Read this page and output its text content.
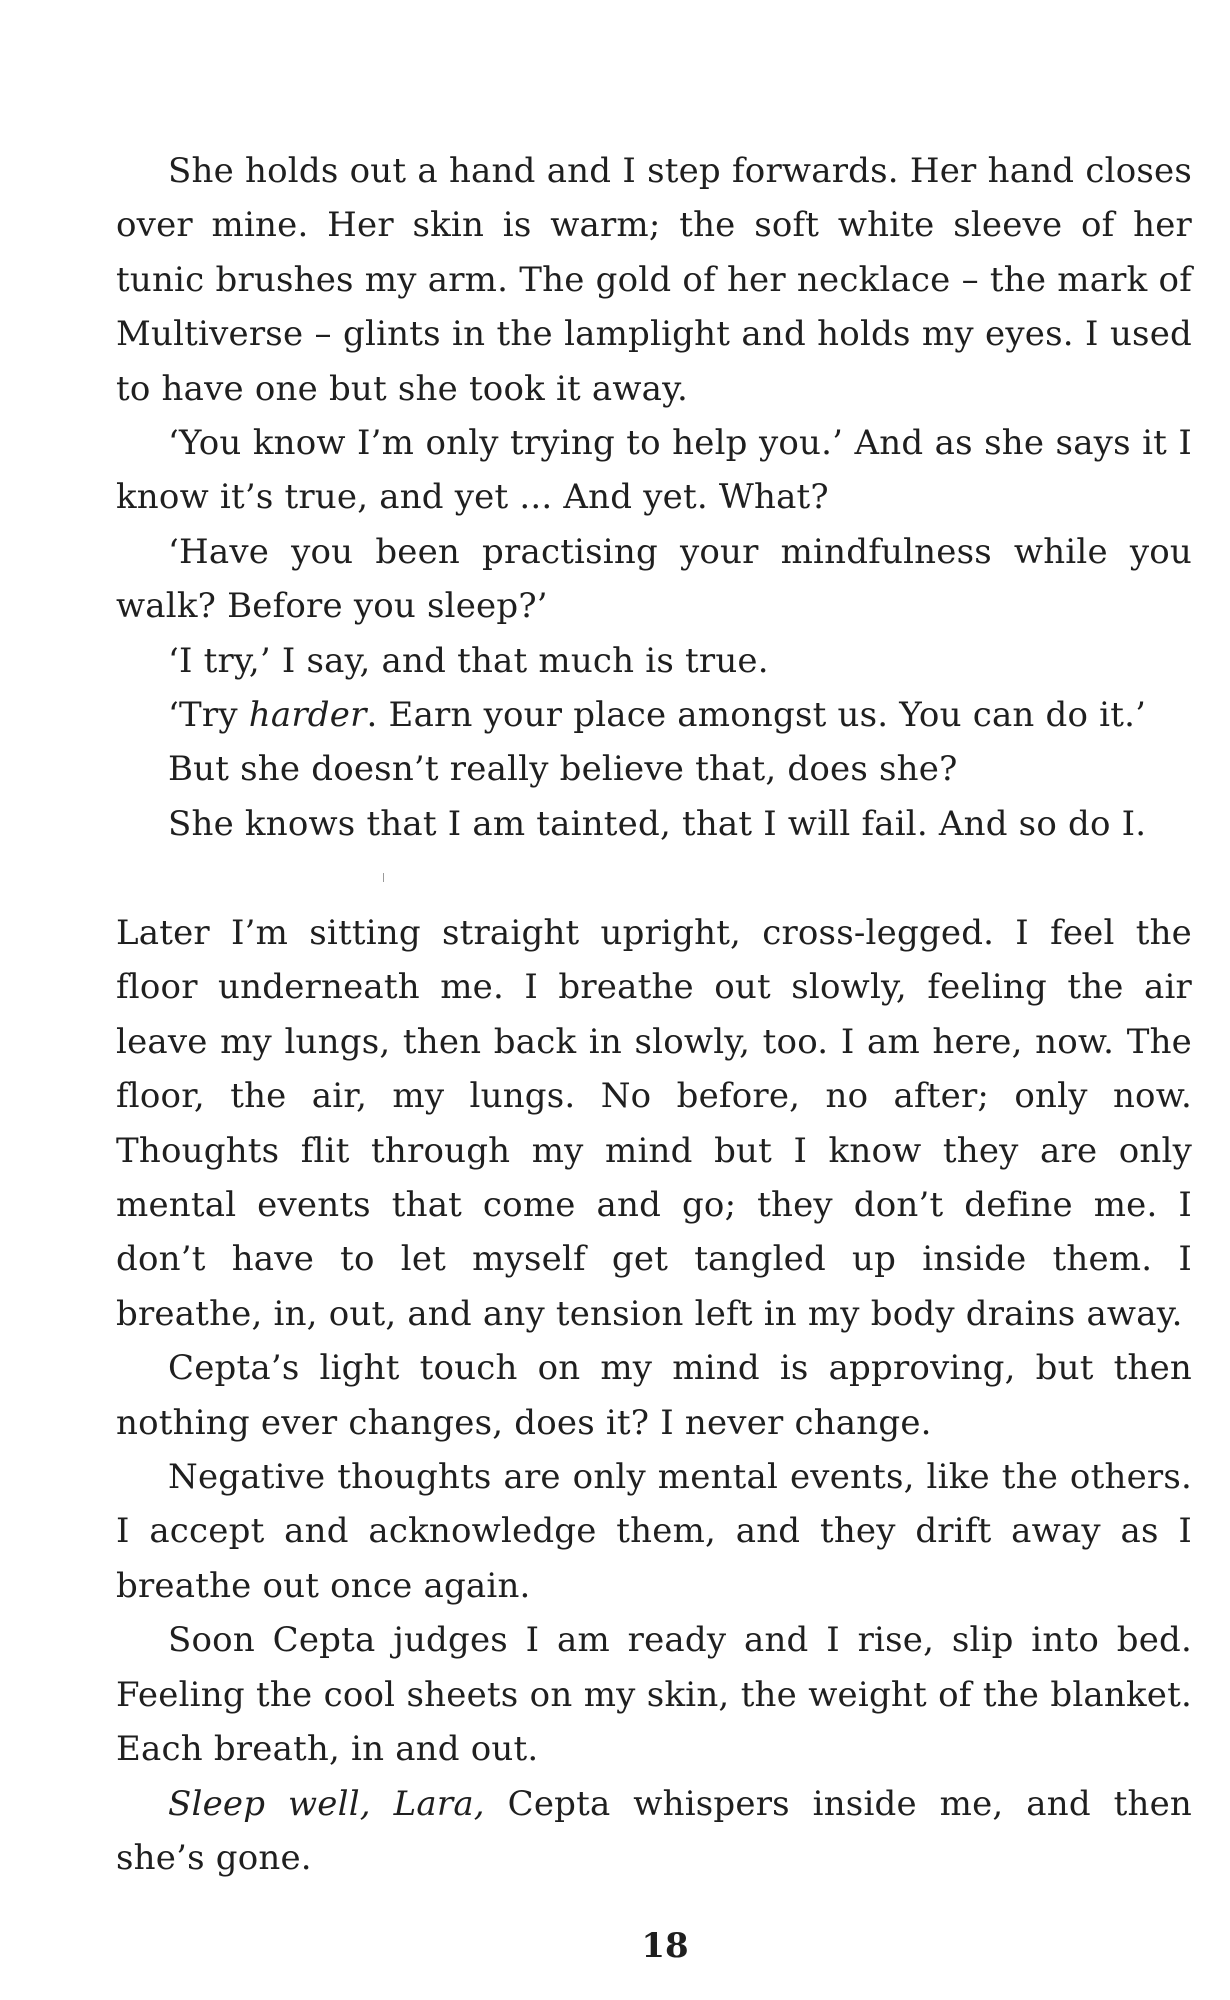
She holds out a hand and I step forwards. Her hand closes over mine. Her skin is warm; the soft white sleeve of her tunic brushes my arm. The gold of her necklace – the mark of Multiverse – glints in the lamplight and holds my eyes. I used to have one but she took it away.

‘You know I’m only trying to help you.’ And as she says it I know it’s true, and yet ... And yet. What?

‘Have you been practising your mindfulness while you walk? Before you sleep?’

‘I try,’ I say, and that much is true.

‘Try harder. Earn your place amongst us. You can do it.’

But she doesn’t really believe that, does she?

She knows that I am tainted, that I will fail. And so do I.

Later I’m sitting straight upright, cross-legged. I feel the floor underneath me. I breathe out slowly, feeling the air leave my lungs, then back in slowly, too. I am here, now. The floor, the air, my lungs. No before, no after; only now. Thoughts flit through my mind but I know they are only mental events that come and go; they don’t define me. I don’t have to let myself get tangled up inside them. I breathe, in, out, and any tension left in my body drains away.

Cepta’s light touch on my mind is approving, but then nothing ever changes, does it? I never change.

Negative thoughts are only mental events, like the others. I accept and acknowledge them, and they drift away as I breathe out once again.

Soon Cepta judges I am ready and I rise, slip into bed. Feeling the cool sheets on my skin, the weight of the blanket. Each breath, in and out.

Sleep well, Lara, Cepta whispers inside me, and then she’s gone.

18
